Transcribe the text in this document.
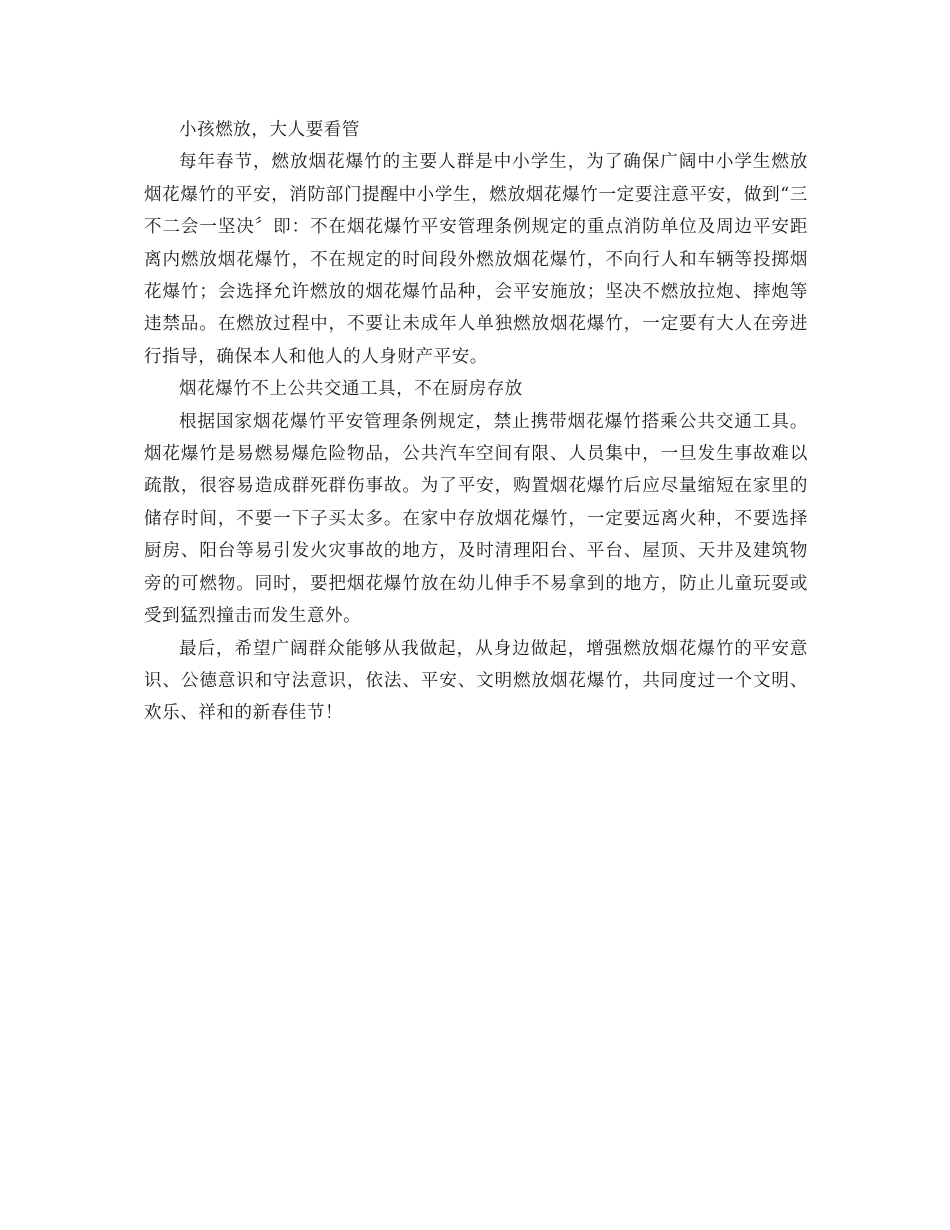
小孩燃放，大人要看管

每年春节，燃放烟花爆竹的主要人群是中小学生，为了确保广阔中小学生燃放烟花爆竹的平安，消防部门提醒中小学生，燃放烟花爆竹一定要注意平安，做到“三不二会一坚决〞即：不在烟花爆竹平安管理条例规定的重点消防单位及周边平安距离内燃放烟花爆竹，不在规定的时间段外燃放烟花爆竹，不向行人和车辆等投掷烟花爆竹；会选择允许燃放的烟花爆竹品种，会平安施放；坚决不燃放拉炮、摔炮等违禁品。在燃放过程中，不要让未成年人单独燃放烟花爆竹，一定要有大人在旁进行指导，确保本人和他人的人身财产平安。

烟花爆竹不上公共交通工具，不在厨房存放

根据国家烟花爆竹平安管理条例规定，禁止携带烟花爆竹搭乘公共交通工具。烟花爆竹是易燃易爆危险物品，公共汽车空间有限、人员集中，一旦发生事故难以疏散，很容易造成群死群伤事故。为了平安，购置烟花爆竹后应尽量缩短在家里的储存时间，不要一下子买太多。在家中存放烟花爆竹，一定要远离火种，不要选择厨房、阳台等易引发火灾事故的地方，及时清理阳台、平台、屋顶、天井及建筑物旁的可燃物。同时，要把烟花爆竹放在幼儿伸手不易拿到的地方，防止儿童玩耍或受到猛烈撞击而发生意外。

最后，希望广阔群众能够从我做起，从身边做起，增强燃放烟花爆竹的平安意识、公德意识和守法意识，依法、平安、文明燃放烟花爆竹，共同度过一个文明、欢乐、祥和的新春佳节！
